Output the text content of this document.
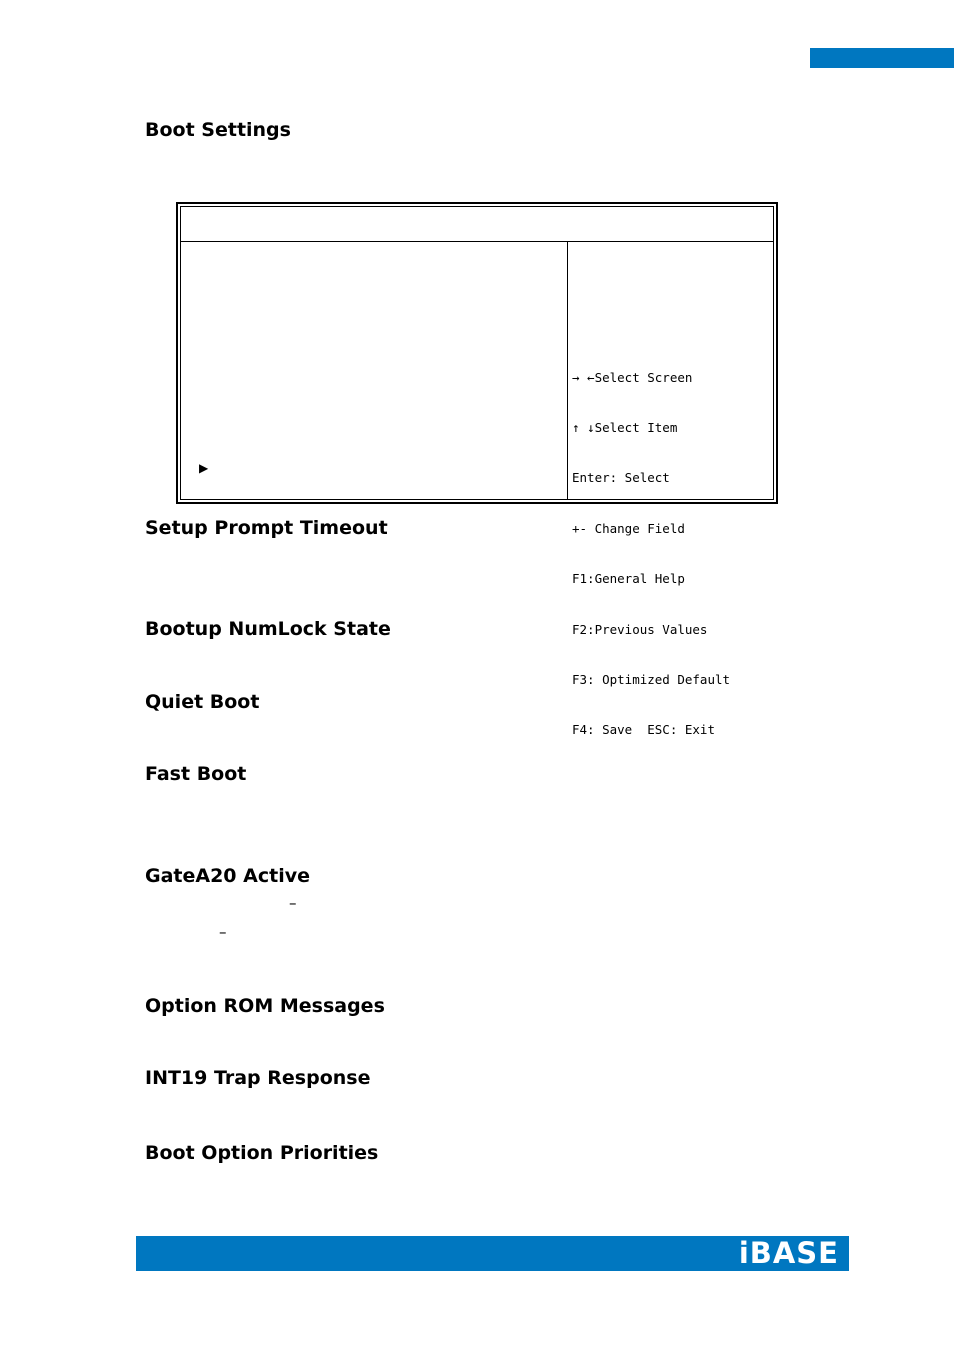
Boot Settings
▶

→ ←Select Screen

↑ ↓Select Item

Enter: Select

+- Change Field

F1:General Help

F2:Previous Values

F3: Optimized Default

F4: Save  ESC: Exit

Setup Prompt Timeout
Bootup NumLock State
Quiet Boot
Fast Boot
GateA20 Active
–
–
Option ROM Messages
INT19 Trap Response
Boot Option Priorities
iBASE
